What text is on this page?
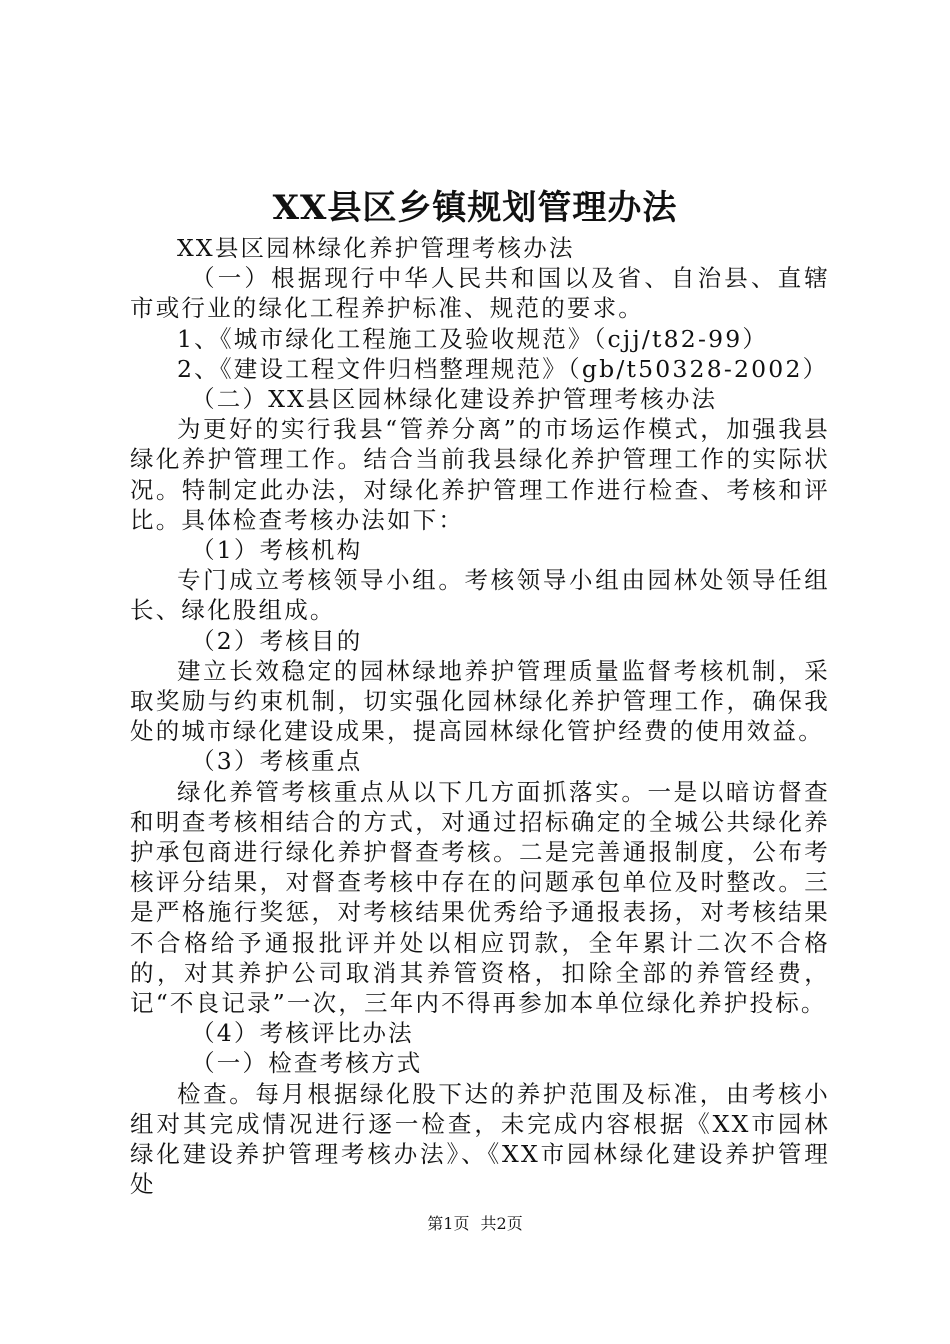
XX县区乡镇规划管理办法

XX县区园林绿化养护管理考核办法

（一）根据现行中华人民共和国以及省、自治县、直辖市或行业的绿化工程养护标准、规范的要求。

1、《城市绿化工程施工及验收规范》（cjj/t82-99）

2、《建设工程文件归档整理规范》（gb/t50328-2002）

（二）XX县区园林绿化建设养护管理考核办法

为更好的实行我县“管养分离”的市场运作模式，加强我县绿化养护管理工作。结合当前我县绿化养护管理工作的实际状况。特制定此办法，对绿化养护管理工作进行检查、考核和评比。具体检查考核办法如下：

（1）考核机构

专门成立考核领导小组。考核领导小组由园林处领导任组长、绿化股组成。

（2）考核目的

建立长效稳定的园林绿地养护管理质量监督考核机制，采取奖励与约束机制，切实强化园林绿化养护管理工作，确保我处的城市绿化建设成果，提高园林绿化管护经费的使用效益。

（3）考核重点

绿化养管考核重点从以下几方面抓落实。一是以暗访督查和明查考核相结合的方式，对通过招标确定的全城公共绿化养护承包商进行绿化养护督查考核。二是完善通报制度，公布考核评分结果，对督查考核中存在的问题承包单位及时整改。三是严格施行奖惩，对考核结果优秀给予通报表扬，对考核结果不合格给予通报批评并处以相应罚款，全年累计二次不合格的，对其养护公司取消其养管资格，扣除全部的养管经费，记“不良记录”一次，三年内不得再参加本单位绿化养护投标。

（4）考核评比办法

（一）检查考核方式

检查。每月根据绿化股下达的养护范围及标准，由考核小组对其完成情况进行逐一检查，未完成内容根据《XX市园林绿化建设养护管理考核办法》、《XX市园林绿化建设养护管理处

第1页 共2页
